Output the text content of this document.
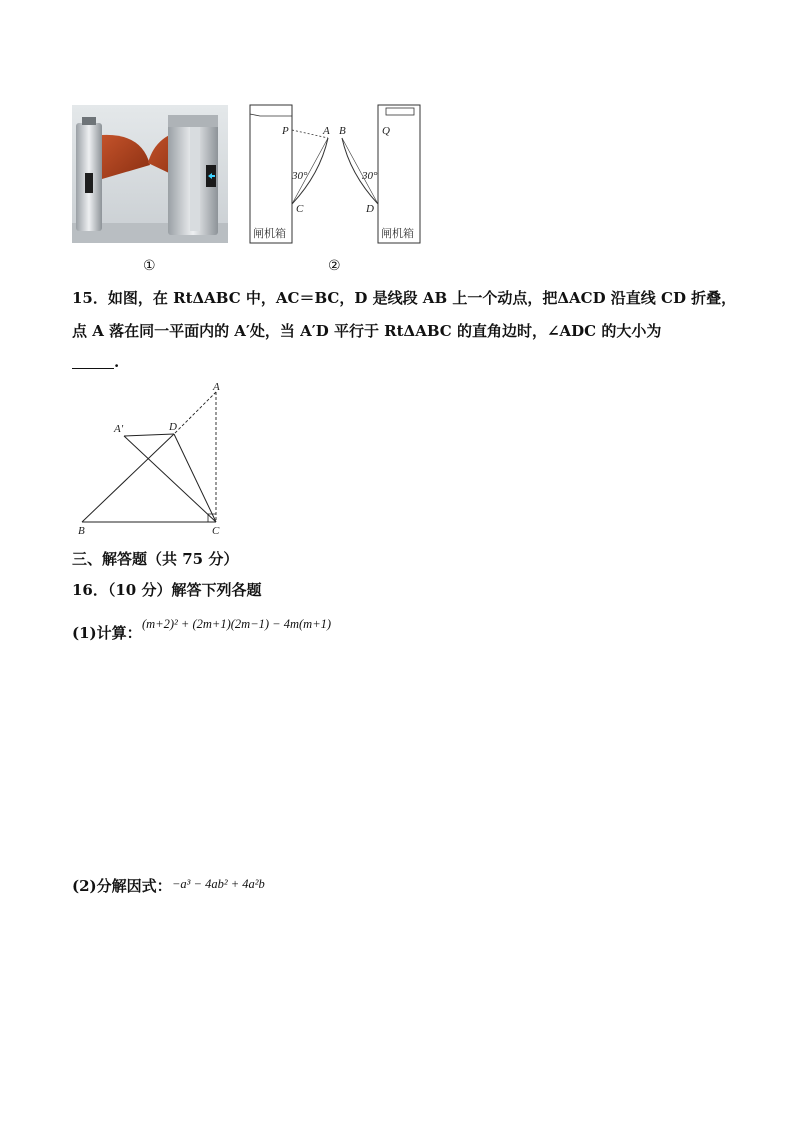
①
P	A
30°
C
B	Q
30°
D
闸机箱	闸机箱
②
15．如图，在 RtΔABC 中，AC＝BC，D 是线段 AB 上一个动点，把ΔACD 沿直线 CD 折叠，
点 A 落在同一平面内的 A′处，当 A′D 平行于 RtΔABC 的直角边时，∠ADC 的大小为
.
A
A′	D
B	C
三、解答题（共 75 分）
16．（10 分）解答下列各题
(1)计算： (m+2)² + (2m+1)(2m−1) − 4m(m+1)
(2)分解因式： −a³ − 4ab² + 4a²b
